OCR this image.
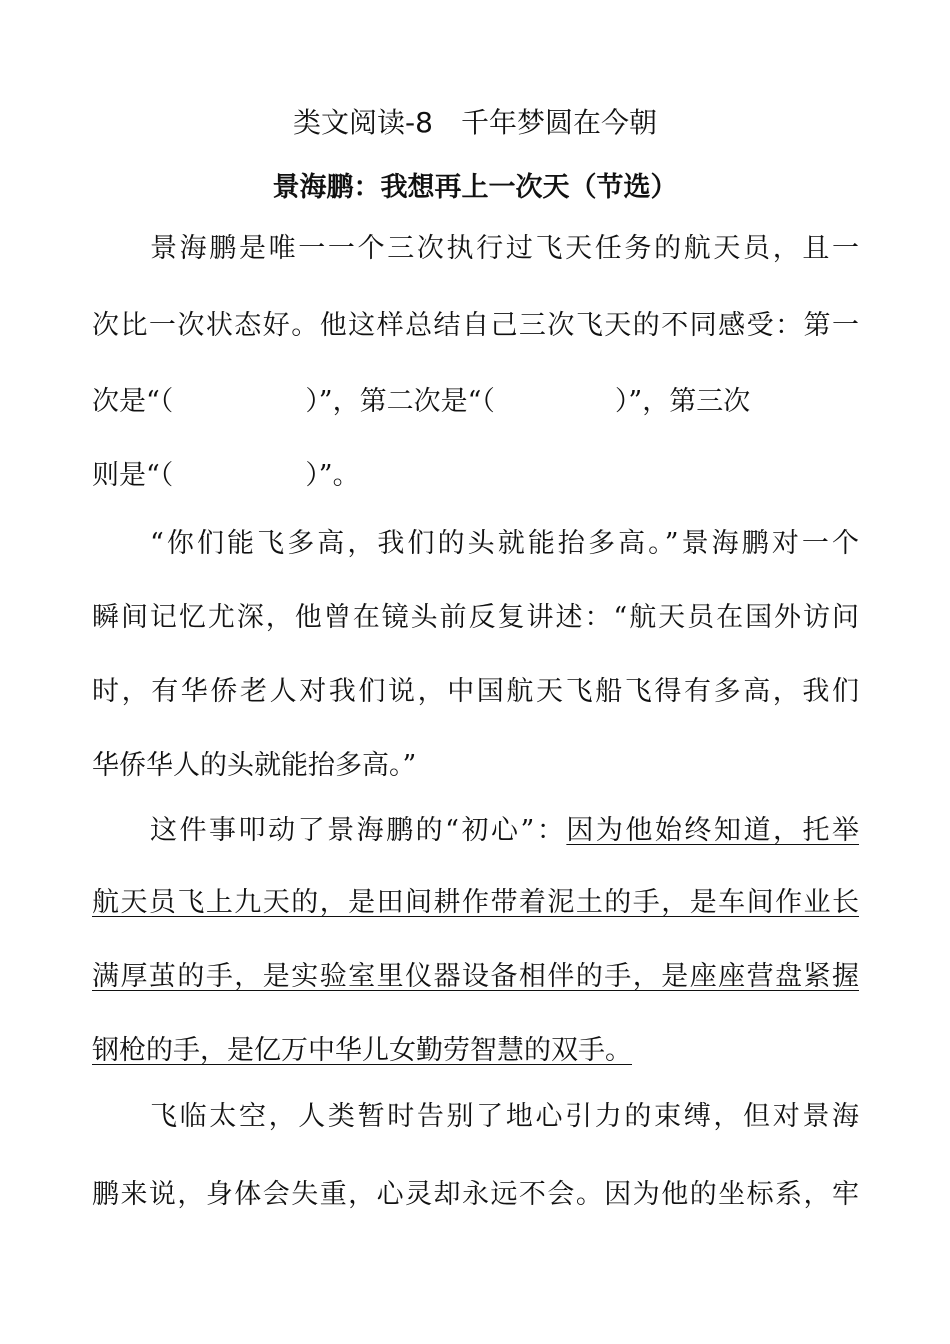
类文阅读-8　千年梦圆在今朝
景海鹏：我想再上一次天（节选）
景海鹏是唯一一个三次执行过飞天任务的航天员，且一
次比一次状态好。他这样总结自己三次飞天的不同感受：第一
次是“（	）”，第二次是“（	）”，第三次
则是“（	）”。
“你们能飞多高，我们的头就能抬多高。”景海鹏对一个
瞬间记忆尤深，他曾在镜头前反复讲述：“航天员在国外访问
时，有华侨老人对我们说，中国航天飞船飞得有多高，我们
华侨华人的头就能抬多高。”
这件事叩动了景海鹏的“初心”：因为他始终知道，托举
航天员飞上九天的，是田间耕作带着泥土的手，是车间作业长
满厚茧的手，是实验室里仪器设备相伴的手，是座座营盘紧握
钢枪的手，是亿万中华儿女勤劳智慧的双手。
飞临太空，人类暂时告别了地心引力的束缚，但对景海
鹏来说，身体会失重，心灵却永远不会。因为他的坐标系，牢
